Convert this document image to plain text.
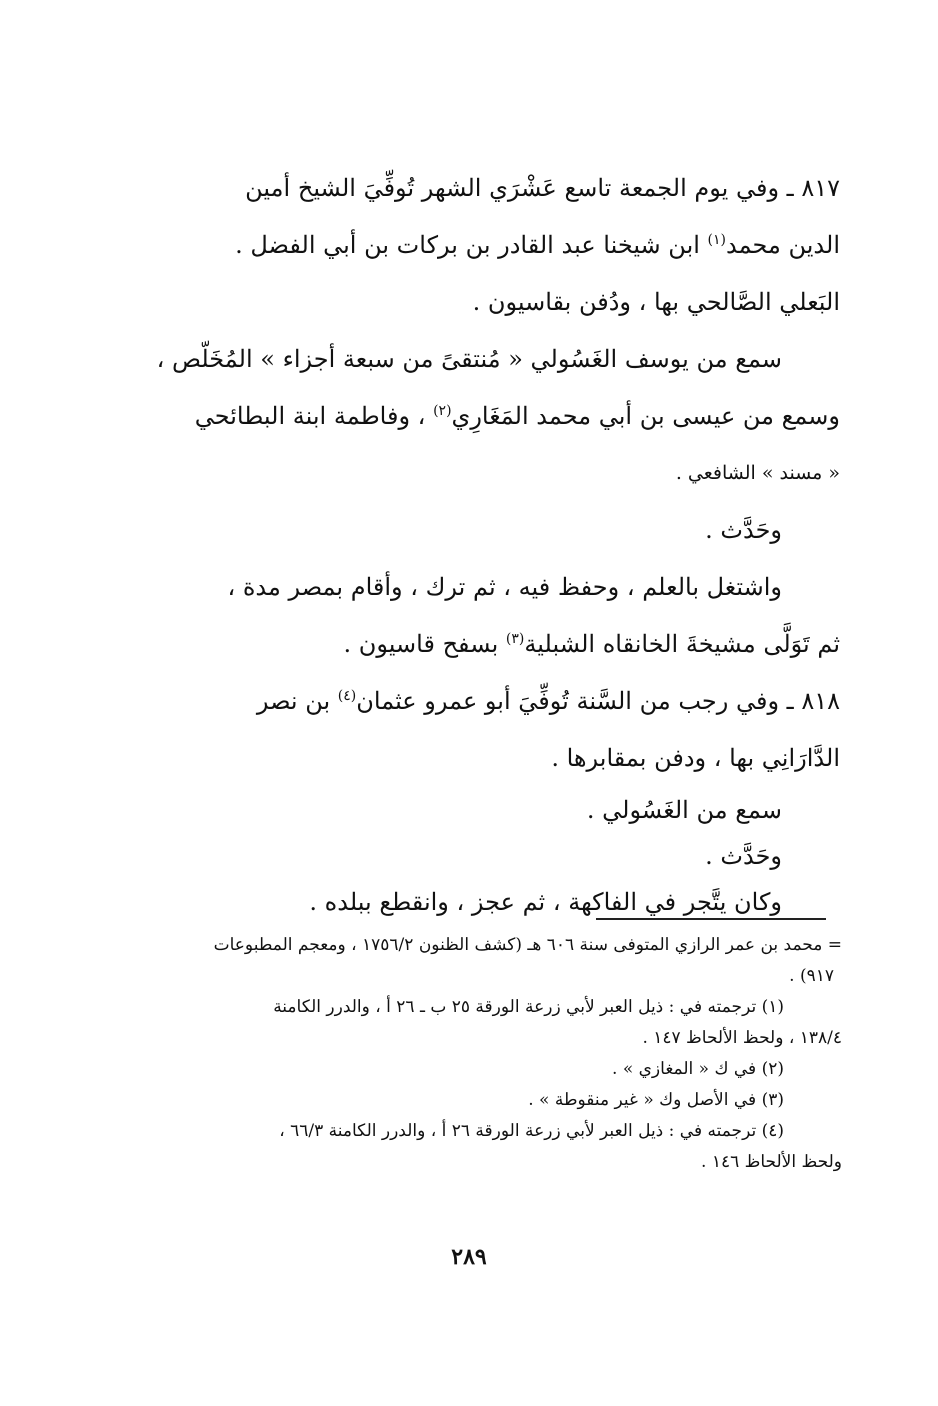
٨١٧ ـ وفي يوم الجمعة تاسع عَشْرَي الشهر تُوفِّيَ الشيخ أمين

الدين محمد$^{(١)}$ ابن شيخنا عبد القادر بن بركات بن أبي الفضل .

البَعلي الصَّالحي بها ، ودُفن بقاسيون .

سمع من يوسف الغَسُولي « مُنتقىً من سبعة أجزاء » المُخَلّص ،

وسمع من عيسى بن أبي محمد المَغَارِي$^{(٢)}$ ، وفاطمة ابنة البطائحي

« مسند » الشافعي .

وحَدَّث .

واشتغل بالعلم ، وحفظ فيه ، ثم ترك ، وأقام بمصر مدة ،

ثم تَوَلَّى مشيخةَ الخانقاه الشبلية$^{(٣)}$ بسفح قاسيون .

٨١٨ ـ وفي رجب من السَّنة تُوفِّيَ أبو عمرو عثمان$^{(٤)}$ بن نصر

الدَّارَانِي بها ، ودفن بمقابرها .

سمع من الغَسُولي .

وحَدَّث .

وكان يتَّجر في الفاكهة ، ثم عجز ، وانقطع ببلده .

= محمد بن عمر الرازي المتوفى سنة ٦٠٦ هـ (كشف الظنون ١٧٥٦/٢ ، ومعجم المطبوعات

٩١٧) .

(١) ترجمته في : ذيل العبر لأبي زرعة الورقة ٢٥ ب ـ ٢٦ أ ، والدرر الكامنة

١٣٨/٤ ، ولحظ الألحاظ ١٤٧ .

(٢) في ك « المغازي » .

(٣) في الأصل وك « غير منقوطة » .

(٤) ترجمته في : ذيل العبر لأبي زرعة الورقة ٢٦ أ ، والدرر الكامنة ٦٦/٣ ،

ولحظ الألحاظ ١٤٦ .

٢٨٩
